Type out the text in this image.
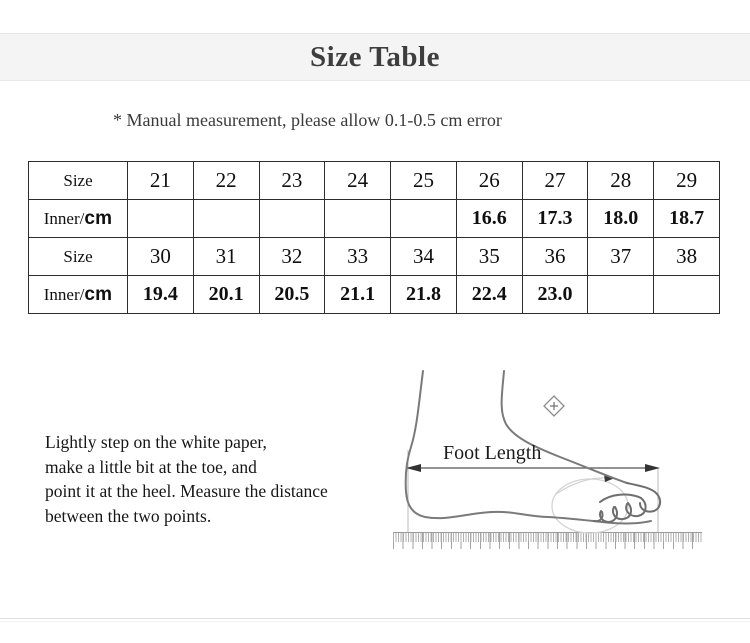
Size Table
* Manual measurement, please allow 0.1-0.5 cm error
Size	21	22	23	24	25	26	27	28	29
Inner/cm						16.6	17.3	18.0	18.7
Size	30	31	32	33	34	35	36	37	38
Inner/cm	19.4	20.1	20.5	21.1	21.8	22.4	23.0		
Lightly step on the white paper,
make a little bit at the toe, and
point it at the heel. Measure the distance
between the two points.
Foot Length
